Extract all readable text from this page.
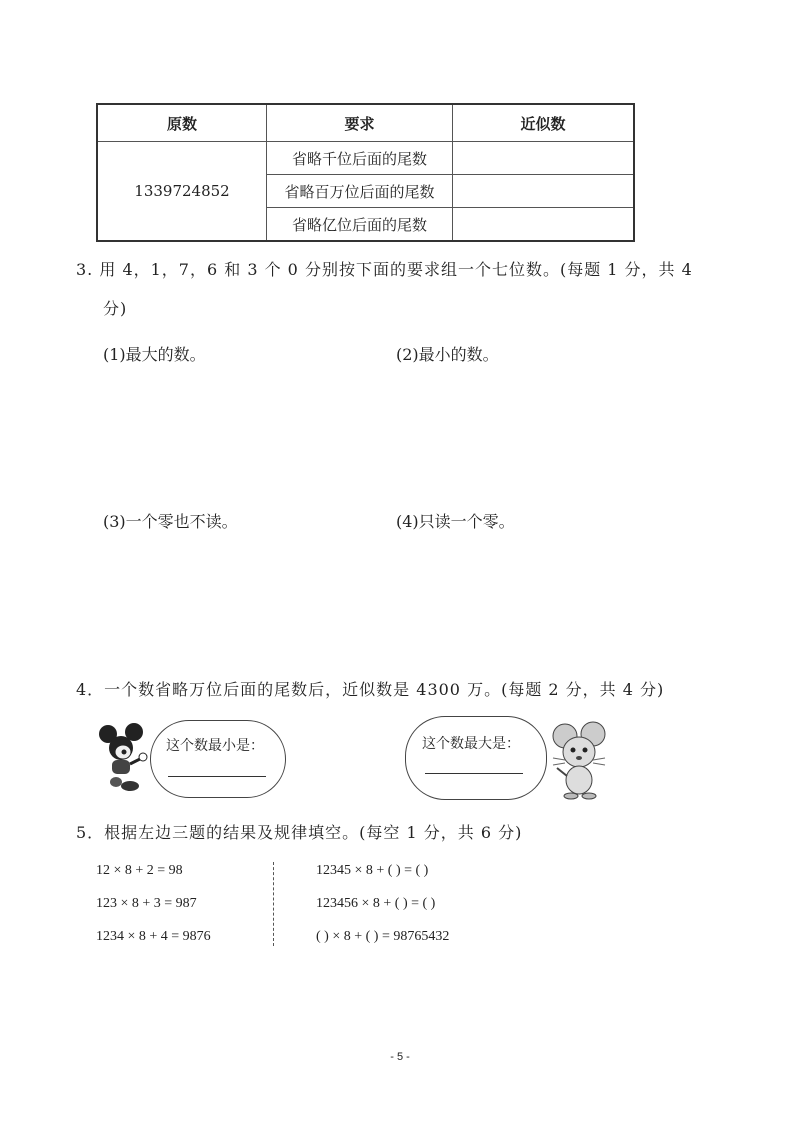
原数	要求	近似数
1339724852	省略千位后面的尾数	
	省略百万位后面的尾数	
	省略亿位后面的尾数	
3. 用 4，1，7，6 和 3 个 0 分别按下面的要求组一个七位数。(每题 1 分，共 4
分)
(1)最大的数。	(2)最小的数。
(3)一个零也不读。	(4)只读一个零。
4．一个数省略万位后面的尾数后，近似数是 4300 万。(每题 2 分，共 4 分)
这个数最小是：	这个数最大是：
5．根据左边三题的结果及规律填空。(每空 1 分，共 6 分)
12 × 8 + 2 = 98
123 × 8 + 3 = 987
1234 × 8 + 4 = 9876
12345 × 8 + ( ) = ( )
123456 × 8 + ( ) = ( )
( ) × 8 + ( ) = 98765432
- 5 -
